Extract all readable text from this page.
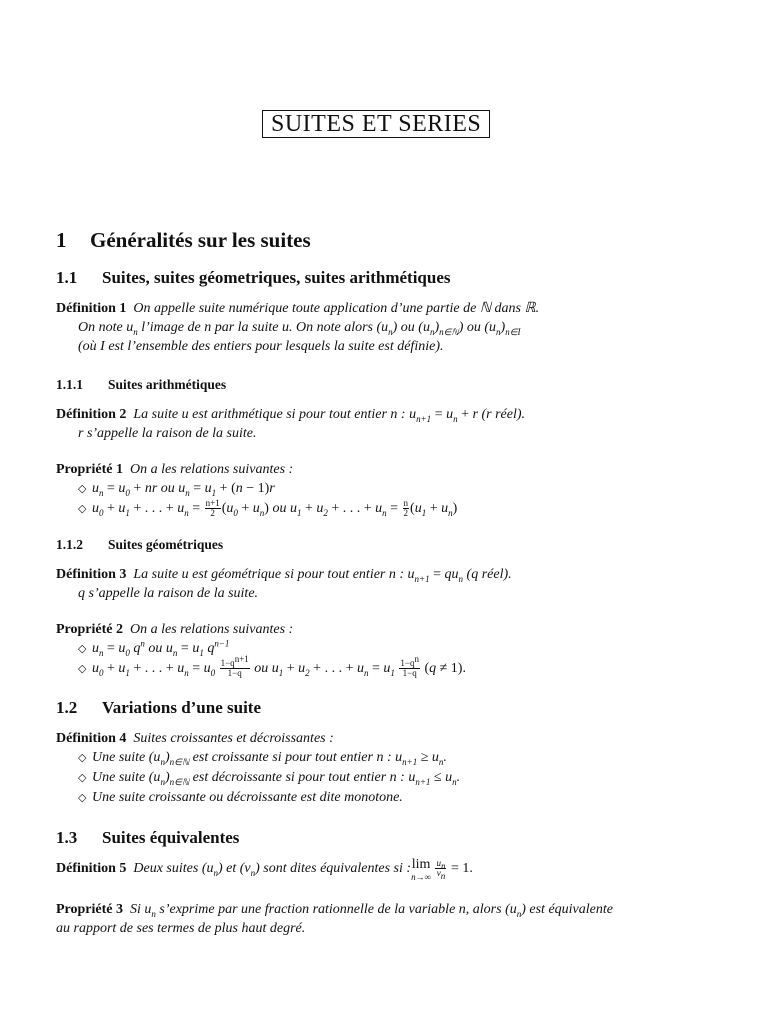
SUITES ET SERIES
1 Généralités sur les suites
1.1 Suites, suites géometriques, suites arithmétiques
Définition 1 On appelle suite numérique toute application d’une partie de ℕ dans ℝ.
On note $u_n$ l’image de n par la suite u. On note alors $(u_n)$ ou $(u_n)_{n\in ℕ}$) ou $(u_n)_{n\in I}$
(où I est l’ensemble des entiers pour lesquels la suite est définie).
1.1.1 Suites arithmétiques
Définition 2 La suite u est arithmétique si pour tout entier n : $u_{n+1} = u_n + r$ (r réel).
r s’appelle la raison de la suite.
Propriété 1 On a les relations suivantes :
◇ $u_n = u_0$ + nr ou $u_n = u_1 + (n - 1)r$
◇ $u_0 + u_1$ + . . . + $u_n = \frac{n+1}{2} (u_0 + u_n)$ ou $u_1 + u_2$ + . . . + $u_n = \frac{n}{2} (u_1 + u_n)$
1.1.2 Suites géométriques
Définition 3 La suite u est géométrique si pour tout entier n : $u_{n+1} = qu_n$ (q réel).
q s’appelle la raison de la suite.
Propriété 2 On a les relations suivantes :
◇ $u_n = u_0$ $q^n$ ou $u_n = u_1$ $q^{n-1}$
◇ $u_0 + u_1$ + . . . + $u_n = u_0 \frac{1-q^{n+1}}{1-q}$ ou $u_1 + u_2$ + . . . + $u_n = u_1 \frac{1-q^n}{1-q} (q \ne 1)$.
1.2 Variations d’une suite
Définition 4 Suites croissantes et décroissantes :
◇ Une suite $(u_n)_{n\in ℕ}$ est croissante si pour tout entier n : $u_{n+1} \ge u_n$.
◇ Une suite $(u_n)_{n\in ℕ}$ est décroissante si pour tout entier n : $u_{n+1} \le u_n$.
◇ Une suite croissante ou décroissante est dite monotone.
1.3 Suites équivalentes
Définition 5 Deux suites $(u_n)$ et $(v_n)$ sont dites équivalentes si :lim
n→∞
$\frac{u_n}{v_n} = 1$.
Propriété 3 Si $u_n$ s’exprime par une fraction rationnelle de la variable n, alors $(u_n)$ est équivalente
au rapport de ses termes de plus haut degré.
